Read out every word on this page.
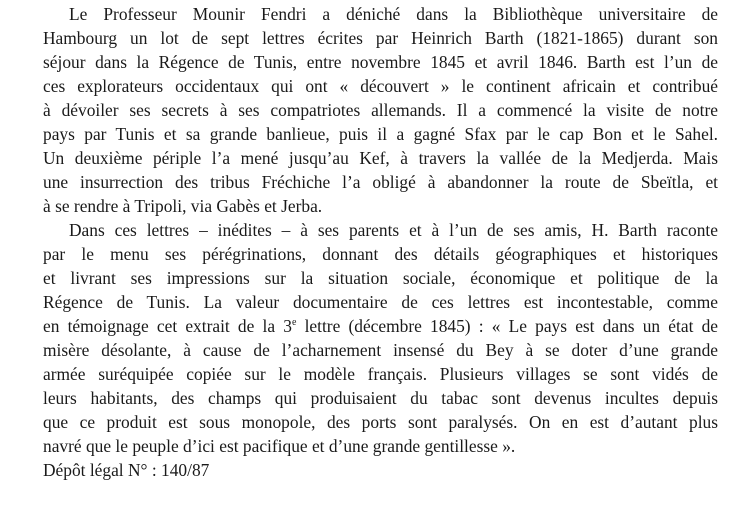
Le Professeur Mounir Fendri a déniché dans la Bibliothèque universitaire de
Hambourg un lot de sept lettres écrites par Heinrich Barth (1821-1865) durant son
séjour dans la Régence de Tunis, entre novembre 1845 et avril 1846. Barth est l’un de
ces explorateurs occidentaux qui ont « découvert » le continent africain et contribué
à dévoiler ses secrets à ses compatriotes allemands. Il a commencé la visite de notre
pays par Tunis et sa grande banlieue, puis il a gagné Sfax par le cap Bon et le Sahel.
Un deuxième périple l’a mené jusqu’au Kef, à travers la vallée de la Medjerda. Mais
une insurrection des tribus Fréchiche l’a obligé à abandonner la route de Sbeïtla, et
à se rendre à Tripoli, via Gabès et Jerba.
Dans ces lettres – inédites – à ses parents et à l’un de ses amis, H. Barth raconte
par le menu ses pérégrinations, donnant des détails géographiques et historiques
et livrant ses impressions sur la situation sociale, économique et politique de la
Régence de Tunis. La valeur documentaire de ces lettres est incontestable, comme
en témoignage cet extrait de la 3e lettre (décembre 1845) : « Le pays est dans un état de
misère désolante, à cause de l’acharnement insensé du Bey à se doter d’une grande
armée suréquipée copiée sur le modèle français. Plusieurs villages se sont vidés de
leurs habitants, des champs qui produisaient du tabac sont devenus incultes depuis
que ce produit est sous monopole, des ports sont paralysés. On en est d’autant plus
navré que le peuple d’ici est pacifique et d’une grande gentillesse ».
Dépôt légal N° : 140/87
